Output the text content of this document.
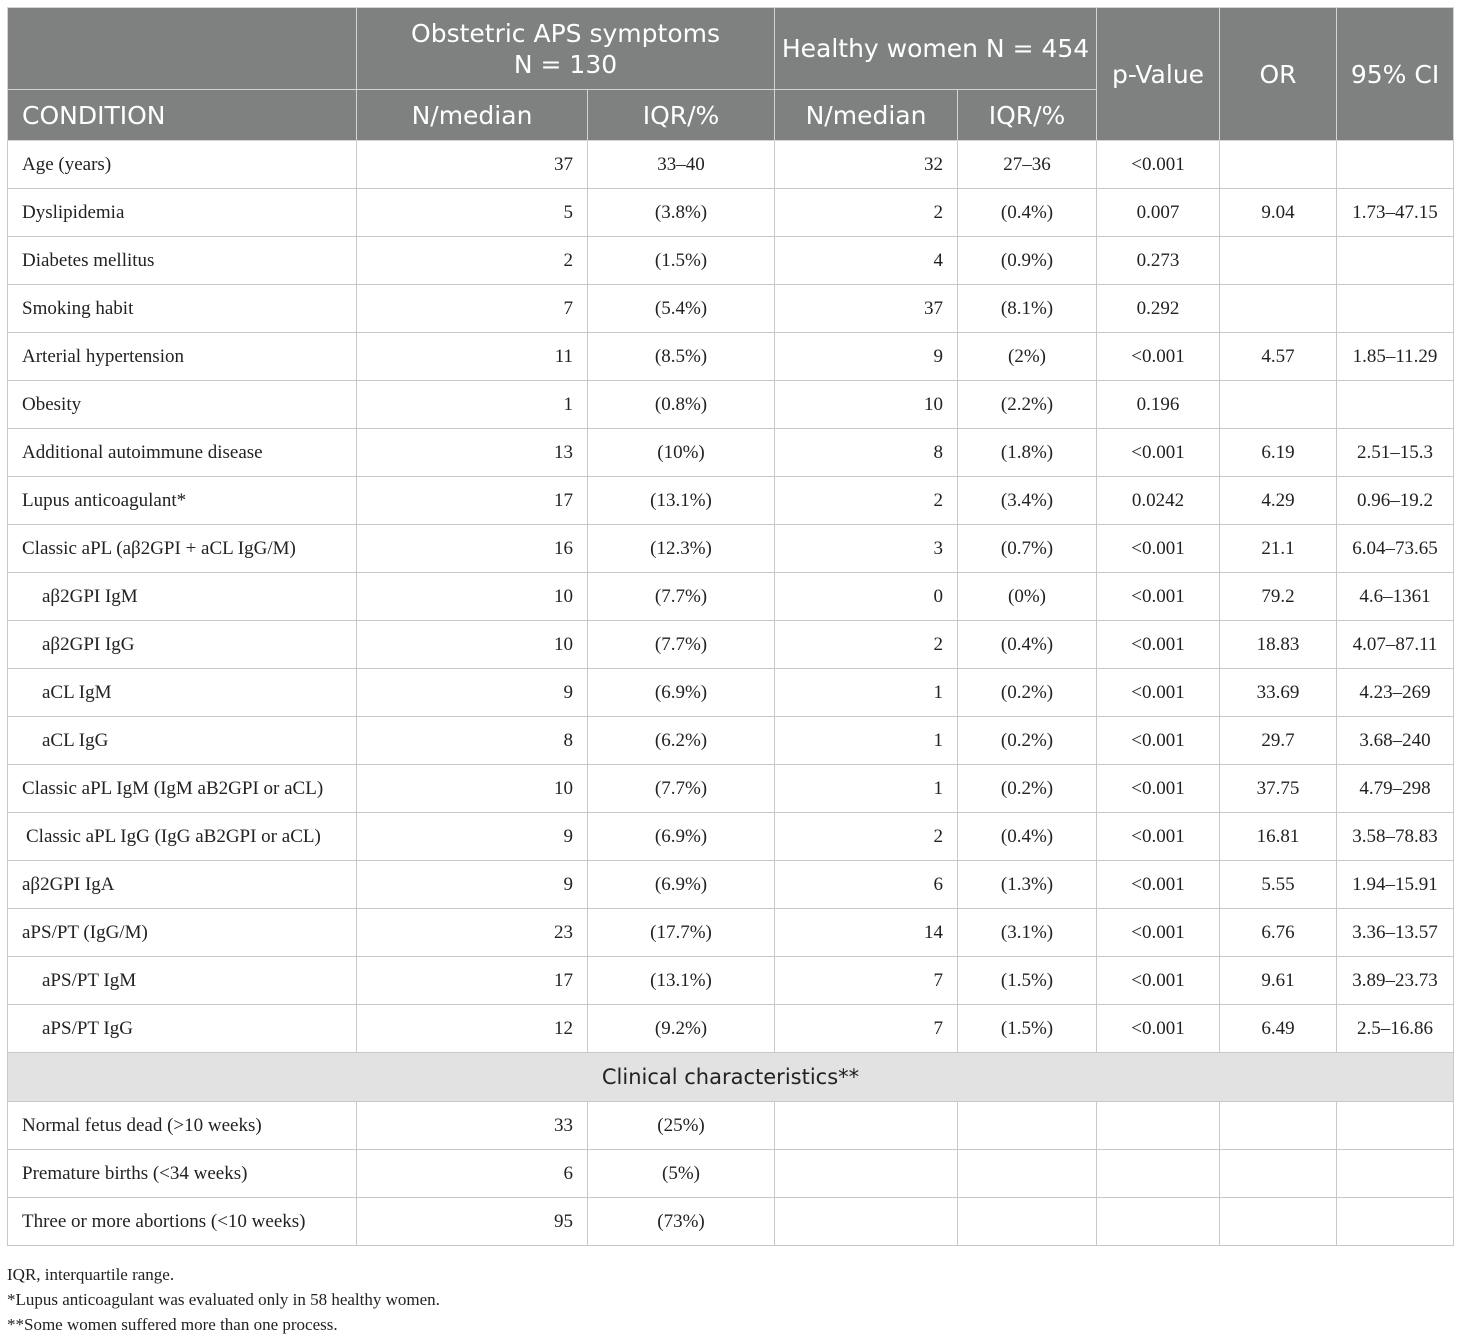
	Obstetric APS symptoms
N = 130		Healthy women N = 454		p-Value	OR	95% CI
CONDITION	N/median	IQR/%	N/median	IQR/%			
Age (years)	37	33–40	32	27–36	<0.001		
Dyslipidemia	5	(3.8%)	2	(0.4%)	0.007	9.04	1.73–47.15
Diabetes mellitus	2	(1.5%)	4	(0.9%)	0.273		
Smoking habit	7	(5.4%)	37	(8.1%)	0.292		
Arterial hypertension	11	(8.5%)	9	(2%)	<0.001	4.57	1.85–11.29
Obesity	1	(0.8%)	10	(2.2%)	0.196		
Additional autoimmune disease	13	(10%)	8	(1.8%)	<0.001	6.19	2.51–15.3
Lupus anticoagulant*	17	(13.1%)	2	(3.4%)	0.0242	4.29	0.96–19.2
Classic aPL (aβ2GPI + aCL IgG/M)	16	(12.3%)	3	(0.7%)	<0.001	21.1	6.04–73.65
aβ2GPI IgM	10	(7.7%)	0	(0%)	<0.001	79.2	4.6–1361
aβ2GPI IgG	10	(7.7%)	2	(0.4%)	<0.001	18.83	4.07–87.11
aCL IgM	9	(6.9%)	1	(0.2%)	<0.001	33.69	4.23–269
aCL IgG	8	(6.2%)	1	(0.2%)	<0.001	29.7	3.68–240
Classic aPL IgM (IgM aB2GPI or aCL)	10	(7.7%)	1	(0.2%)	<0.001	37.75	4.79–298
Classic aPL IgG (IgG aB2GPI or aCL)	9	(6.9%)	2	(0.4%)	<0.001	16.81	3.58–78.83
aβ2GPI IgA	9	(6.9%)	6	(1.3%)	<0.001	5.55	1.94–15.91
aPS/PT (IgG/M)	23	(17.7%)	14	(3.1%)	<0.001	6.76	3.36–13.57
aPS/PT IgM	17	(13.1%)	7	(1.5%)	<0.001	9.61	3.89–23.73
aPS/PT IgG	12	(9.2%)	7	(1.5%)	<0.001	6.49	2.5–16.86
Clinical characteristics**							
Normal fetus dead (>10 weeks)	33	(25%)					
Premature births (<34 weeks)	6	(5%)					
Three or more abortions (<10 weeks)	95	(73%)					
IQR, interquartile range.
*Lupus anticoagulant was evaluated only in 58 healthy women.
**Some women suffered more than one process.
